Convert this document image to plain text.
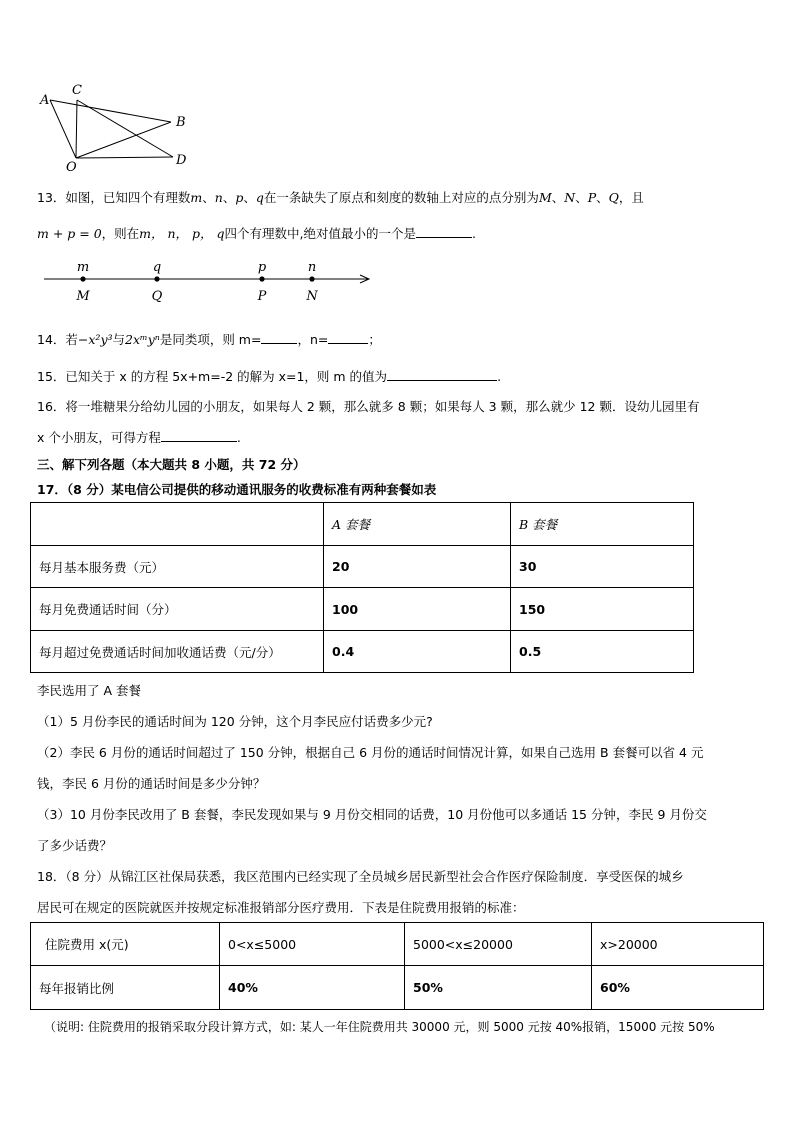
A
C
B
O	D
13．如图，已知四个有理数m、n、p、q在一条缺失了原点和刻度的数轴上对应的点分别为M、N、P、Q，且
m + p = 0，则在m， n， p， q四个有理数中,绝对值最小的一个是	.
m
M
q
Q
p
P
n
N
14．若−x²y³与2xᵐyⁿ是同类项，则 m=	，n=	；
15．已知关于 x 的方程 5x+m=-2 的解为 x=1，则 m 的值为	.
16．将一堆糖果分给幼儿园的小朋友，如果每人 2 颗，那么就多 8 颗；如果每人 3 颗，那么就少 12 颗．设幼儿园里有
x 个小朋友，可得方程	.
三、解下列各题（本大题共 8 小题，共 72 分）
17．（8 分）某电信公司提供的移动通讯服务的收费标准有两种套餐如表
	A 套餐	B 套餐
每月基本服务费（元）	20	30
每月免费通话时间（分）	100	150
每月超过免费通话时间加收通话费（元/分）	0.4	0.5
李民选用了 A 套餐
（1）5 月份李民的通话时间为 120 分钟，这个月李民应付话费多少元?
（2）李民 6 月份的通话时间超过了 150 分钟，根据自己 6 月份的通话时间情况计算，如果自己选用 B 套餐可以省 4 元
钱，李民 6 月份的通话时间是多少分钟？
（3）10 月份李民改用了 B 套餐，李民发现如果与 9 月份交相同的话费，10 月份他可以多通话 15 分钟，李民 9 月份交
了多少话费？
18．（8 分）从锦江区社保局获悉，我区范围内已经实现了全员城乡居民新型社会合作医疗保险制度．享受医保的城乡
居民可在规定的医院就医并按规定标准报销部分医疗费用．下表是住院费用报销的标准：
住院费用 x(元)	0<x≤5000	5000<x≤20000	x>20000
每年报销比例	40%	50%	60%
（说明: 住院费用的报销采取分段计算方式，如: 某人一年住院费用共 30000 元，则 5000 元按 40%报销，15000 元按 50%
